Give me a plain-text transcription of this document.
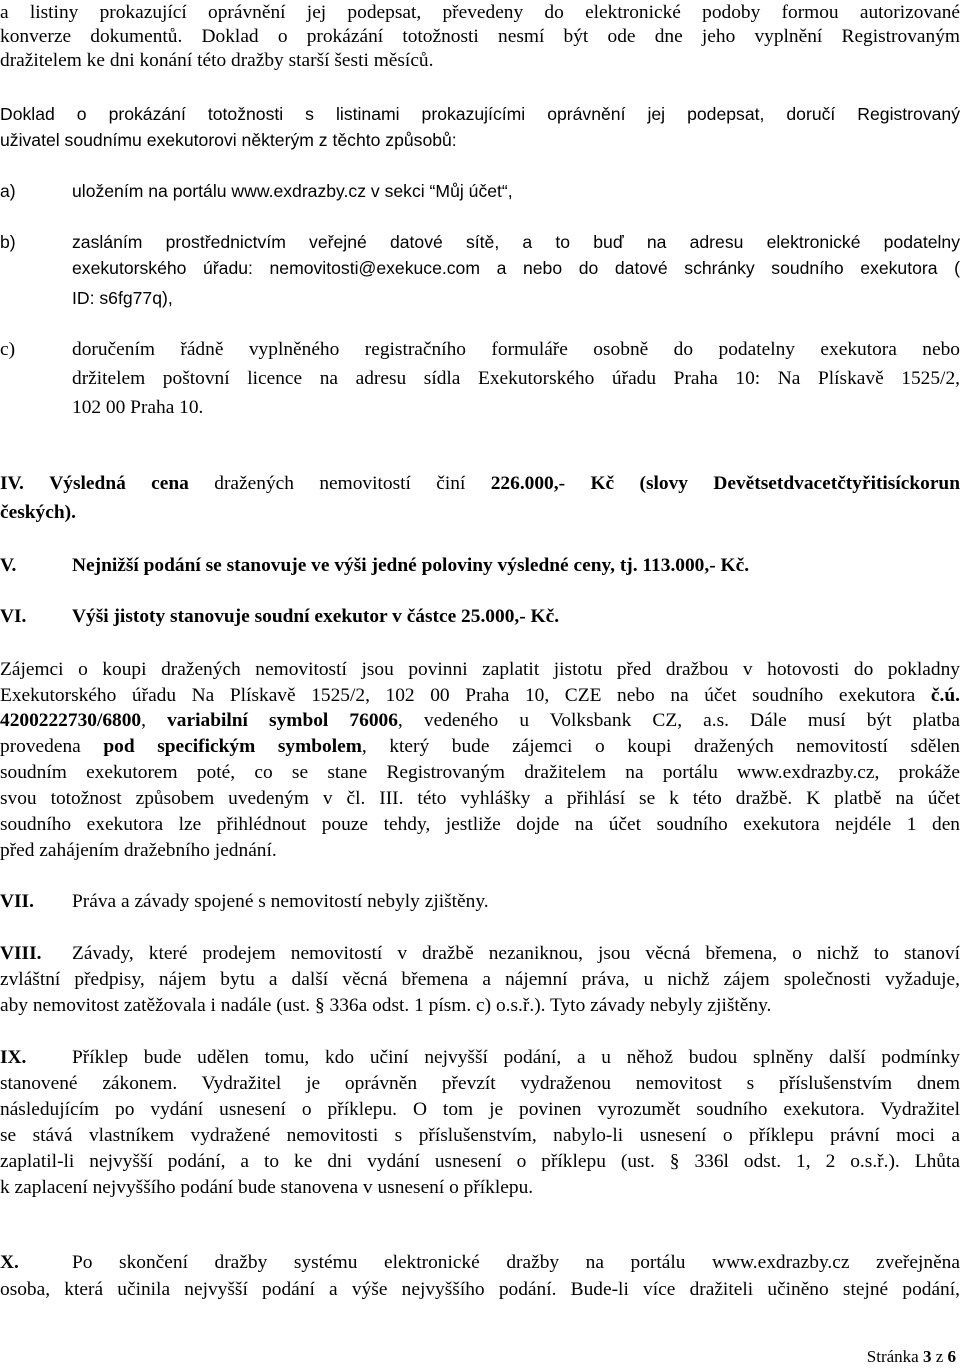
a listiny prokazující oprávnění jej podepsat, převedeny do elektronické podoby formou autorizované
konverze dokumentů. Doklad o prokázání totožnosti nesmí být ode dne jeho vyplnění Registrovaným
dražitelem ke dni konání této dražby starší šesti měsíců.
Doklad o prokázání totožnosti s listinami prokazujícími oprávnění jej podepsat, doručí Registrovaný
uživatel soudnímu exekutorovi některým z těchto způsobů:
a)	uložením na portálu www.exdrazby.cz v sekci “Můj účet“,
b)	zasláním prostřednictvím veřejné datové sítě, a to buď na adresu elektronické podatelny
exekutorského úřadu: nemovitosti@exekuce.com a nebo do datové schránky soudního exekutora (
ID: s6fg77q),
c)	doručením řádně vyplněného registračního formuláře osobně do podatelny exekutora nebo
držitelem poštovní licence na adresu sídla Exekutorského úřadu Praha 10: Na Plískavě 1525/2,
102 00 Praha 10.
IV. Výsledná cena dražených nemovitostí činí 226.000,- Kč (slovy Devětsetdvacetčtyřitisíckorun
českých).
V.	Nejnižší podání se stanovuje ve výši jedné poloviny výsledné ceny, tj. 113.000,- Kč.
VI. Výši jistoty stanovuje soudní exekutor v částce 25.000,- Kč.
Zájemci o koupi dražených nemovitostí jsou povinni zaplatit jistotu před dražbou v hotovosti do pokladny
Exekutorského úřadu Na Plískavě 1525/2, 102 00 Praha 10, CZE nebo na účet soudního exekutora č.ú.
4200222730/6800, variabilní symbol 76006, vedeného u Volksbank CZ, a.s. Dále musí být platba
provedena pod specifickým symbolem, který bude zájemci o koupi dražených nemovitostí sdělen
soudním exekutorem poté, co se stane Registrovaným dražitelem na portálu www.exdrazby.cz, prokáže
svou totožnost způsobem uvedeným v čl. III. této vyhlášky a přihlásí se k této dražbě. K platbě na účet
soudního exekutora lze přihlédnout pouze tehdy, jestliže dojde na účet soudního exekutora nejdéle 1 den
před zahájením dražebního jednání.
VII. Práva a závady spojené s nemovitostí nebyly zjištěny.
VIII. Závady, které prodejem nemovitostí v dražbě nezaniknou, jsou věcná břemena, o nichž to stanoví
zvláštní předpisy, nájem bytu a další věcná břemena a nájemní práva, u nichž zájem společnosti vyžaduje,
aby nemovitost zatěžovala i nadále (ust. § 336a odst. 1 písm. c) o.s.ř.). Tyto závady nebyly zjištěny.
IX. Příklep bude udělen tomu, kdo učiní nejvyšší podání, a u něhož budou splněny další podmínky
stanovené zákonem. Vydražitel je oprávněn převzít vydraženou nemovitost s příslušenstvím dnem
následujícím po vydání usnesení o příklepu. O tom je povinen vyrozumět soudního exekutora. Vydražitel
se stává vlastníkem vydražené nemovitosti s příslušenstvím, nabylo-li usnesení o příklepu právní moci a
zaplatil-li nejvyšší podání, a to ke dni vydání usnesení o příklepu (ust. § 336l odst. 1, 2 o.s.ř.). Lhůta
k zaplacení nejvyššího podání bude stanovena v usnesení o příklepu.
X.	Po skončení dražby systému elektronické dražby na portálu www.exdrazby.cz zveřejněna
osoba, která učinila nejvyšší podání a výše nejvyššího podání. Bude-li více dražiteli učiněno stejné podání,
Stránka 3 z 6
